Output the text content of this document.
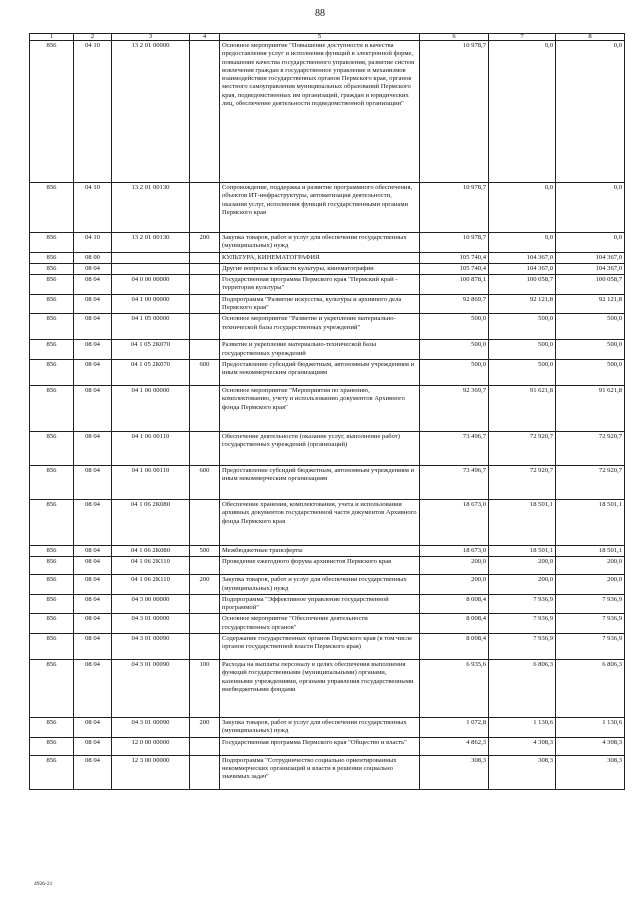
88
1	2	3	4	5	6	7	8
856	04 10	13 2 01 00000		Основное мероприятие "Повышение доступности и качества предоставления услуг и исполнения функций в электронной форме, повышение качества государственного управления, развитие систем вовлечения граждан в государственное управление и механизмов взаимодействия государственных органов Пермского края, органов местного самоуправления муниципальных образований Пермского края, подведомственных им организаций, граждан и юридических лиц, обеспечение деятельности подведомственной организации"	10 978,7	0,0	0,0
856	04 10	13 2 01 00130		Сопровождение, поддержка и развитие программного обеспечения, объектов ИТ-инфраструктуры, автоматизация деятельности, оказания услуг, исполнения функций государственными органами Пермского края	10 978,7	0,0	0,0
856	04 10	13 2 01 00130	200	Закупка товаров, работ и услуг для обеспечения государственных (муниципальных) нужд	10 978,7	0,0	0,0
856	08 00			КУЛЬТУРА, КИНЕМАТОГРАФИЯ	105 740,4	104 367,0	104 367,0
856	08 04			Другие вопросы в области культуры, кинематографии	105 740,4	104 367,0	104 367,0
856	08 04	04 0 00 00000		Государственная программа Пермского края "Пермский край - территория культуры"	100 878,1	100 058,7	100 058,7
856	08 04	04 1 00 00000		Подпрограмма "Развитие искусства, культуры и архивного дела Пермского края"	92 869,7	92 121,8	92 121,8
856	08 04	04 1 05 00000		Основное мероприятие "Развитие и укрепление материально-технической базы государственных учреждений"	500,0	500,0	500,0
856	08 04	04 1 05 2К070		Развитие и укрепление материально-технической базы государственных учреждений	500,0	500,0	500,0
856	08 04	04 1 05 2К070	600	Предоставление субсидий бюджетным, автономным учреждениям и иным некоммерческим организациям	500,0	500,0	500,0
856	08 04	04 1 06 00000		Основное мероприятие "Мероприятия по хранению, комплектованию, учету и использованию документов Архивного фонда Пермского края"	92 369,7	91 621,8	91 621,8
856	08 04	04 1 06 00110		Обеспечение деятельности (оказание услуг, выполнение работ) государственных учреждений (организаций)	73 496,7	72 920,7	72 920,7
856	08 04	04 1 06 00110	600	Предоставление субсидий бюджетным, автономным учреждениям и иным некоммерческим организациям	73 496,7	72 920,7	72 920,7
856	08 04	04 1 06 2К080		Обеспечение хранения, комплектования, учета и использования архивных документов государственной части документов Архивного фонда Пермского края	18 673,0	18 501,1	18 501,1
856	08 04	04 1 06 2К080	500	Межбюджетные трансферты	18 673,0	18 501,1	18 501,1
856	08 04	04 1 06 2К110		Проведение ежегодного форума архивистов Пермского края	200,0	200,0	200,0
856	08 04	04 1 06 2К110	200	Закупка товаров, работ и услуг для обеспечения государственных (муниципальных) нужд	200,0	200,0	200,0
856	08 04	04 3 00 00000		Подпрограмма "Эффективное управление государственной программой"	8 008,4	7 936,9	7 936,9
856	08 04	04 3 01 00000		Основное мероприятие "Обеспечение деятельности государственных органов"	8 008,4	7 936,9	7 936,9
856	08 04	04 3 01 00090		Содержание государственных органов Пермского края (в том числе органов государственной власти Пермского края)	8 008,4	7 936,9	7 936,9
856	08 04	04 3 01 00090	100	Расходы на выплаты персоналу в целях обеспечения выполнения функций государственными (муниципальными) органами, казенными учреждениями, органами управления государственными внебюджетными фондами	6 935,6	6 806,3	6 806,3
856	08 04	04 3 01 00090	200	Закупка товаров, работ и услуг для обеспечения государственных (муниципальных) нужд	1 072,8	1 130,6	1 130,6
856	08 04	12 0 00 00000		Государственная программа Пермского края "Общество и власть"	4 862,3	4 308,3	4 308,3
856	08 04	12 3 00 00000		Подпрограмма "Сотрудничество социально ориентированных некоммерческих организаций и власти в решении социально значимых задач"	308,3	308,3	308,3
4926-21
